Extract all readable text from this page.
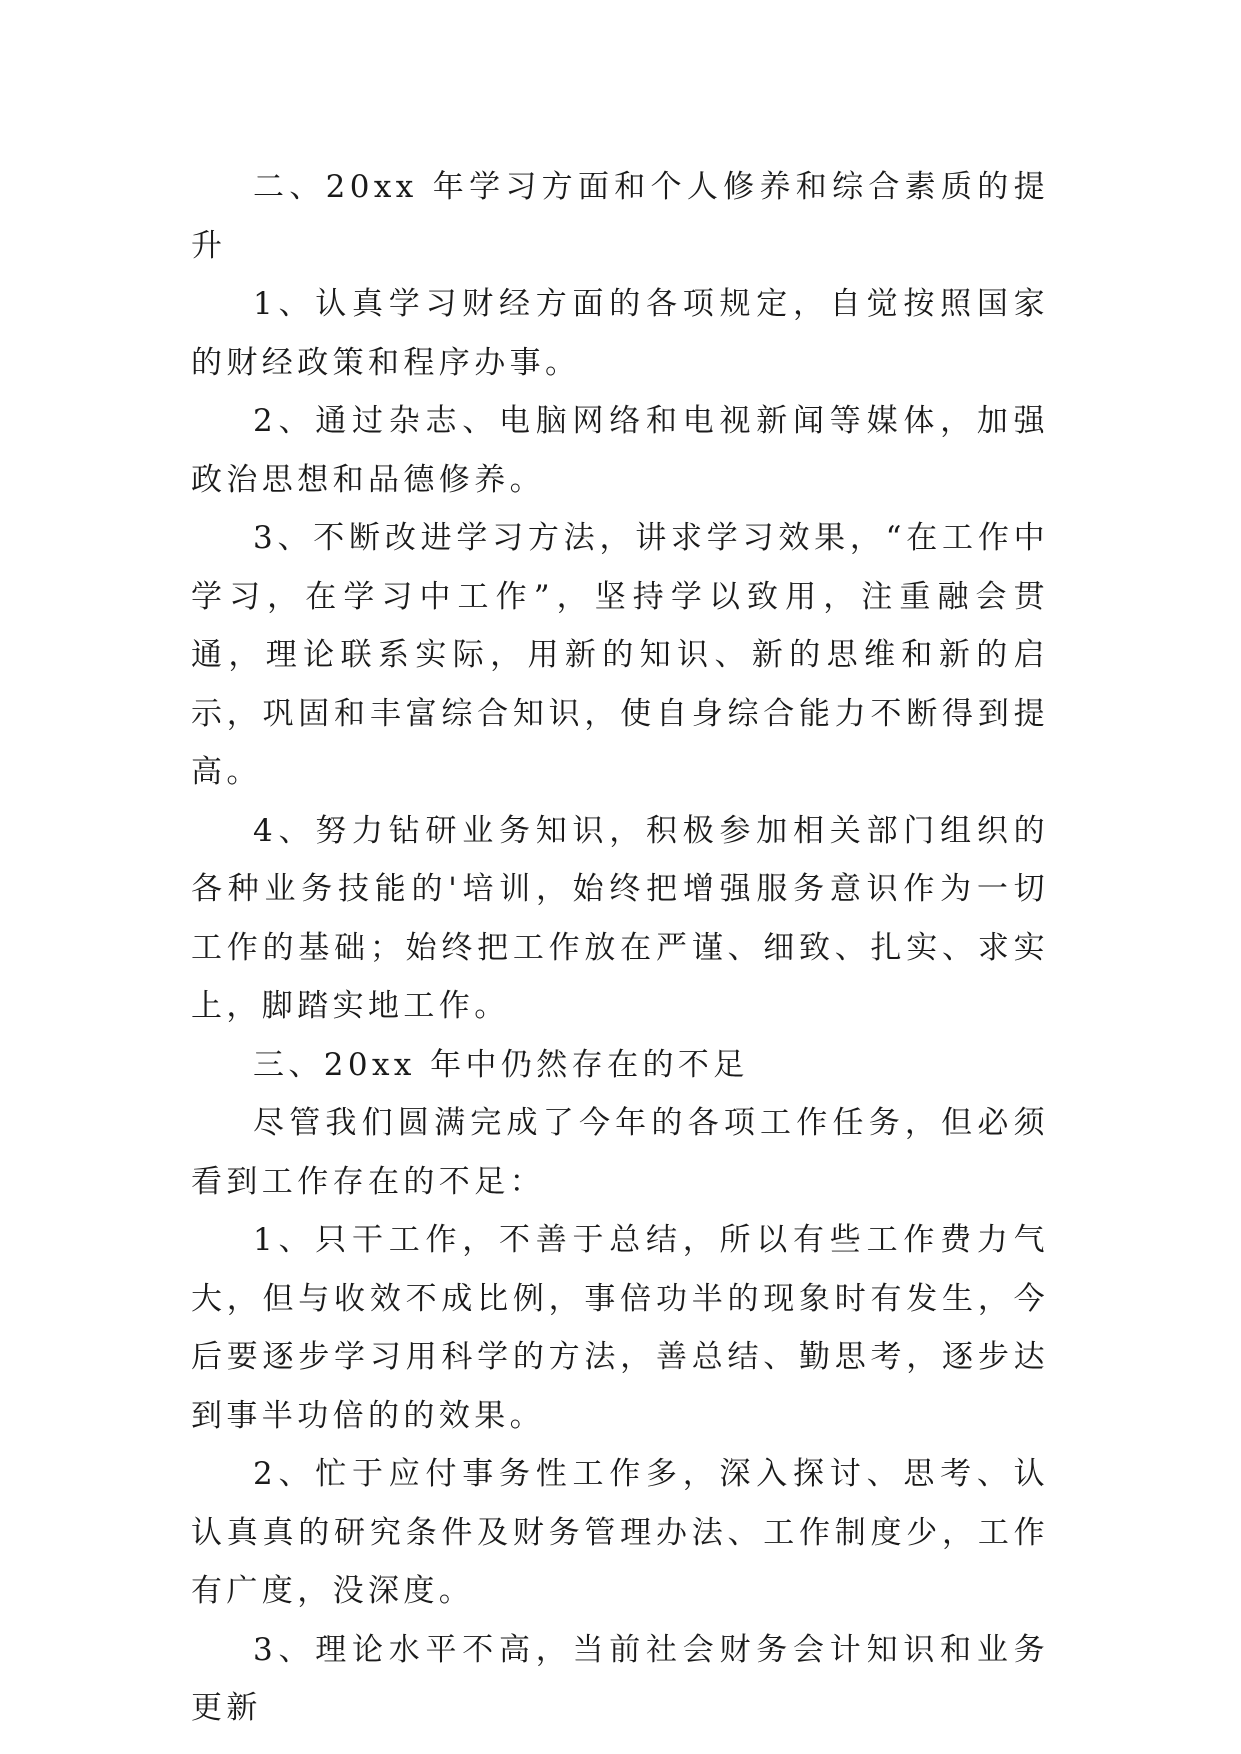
二、20xx 年学习方面和个人修养和综合素质的提升

1、认真学习财经方面的各项规定，自觉按照国家的财经政策和程序办事。

2、通过杂志、电脑网络和电视新闻等媒体，加强政治思想和品德修养。

3、不断改进学习方法，讲求学习效果，“在工作中学习，在学习中工作”，坚持学以致用，注重融会贯通，理论联系实际，用新的知识、新的思维和新的启示，巩固和丰富综合知识，使自身综合能力不断得到提高。

4、努力钻研业务知识，积极参加相关部门组织的各种业务技能的'培训，始终把增强服务意识作为一切工作的基础；始终把工作放在严谨、细致、扎实、求实上，脚踏实地工作。

三、20xx 年中仍然存在的不足

尽管我们圆满完成了今年的各项工作任务，但必须看到工作存在的不足：

1、只干工作，不善于总结，所以有些工作费力气大，但与收效不成比例，事倍功半的现象时有发生，今后要逐步学习用科学的方法，善总结、勤思考，逐步达到事半功倍的的效果。

2、忙于应付事务性工作多，深入探讨、思考、认认真真的研究条件及财务管理办法、工作制度少，工作有广度，没深度。

3、理论水平不高，当前社会财务会计知识和业务更新
